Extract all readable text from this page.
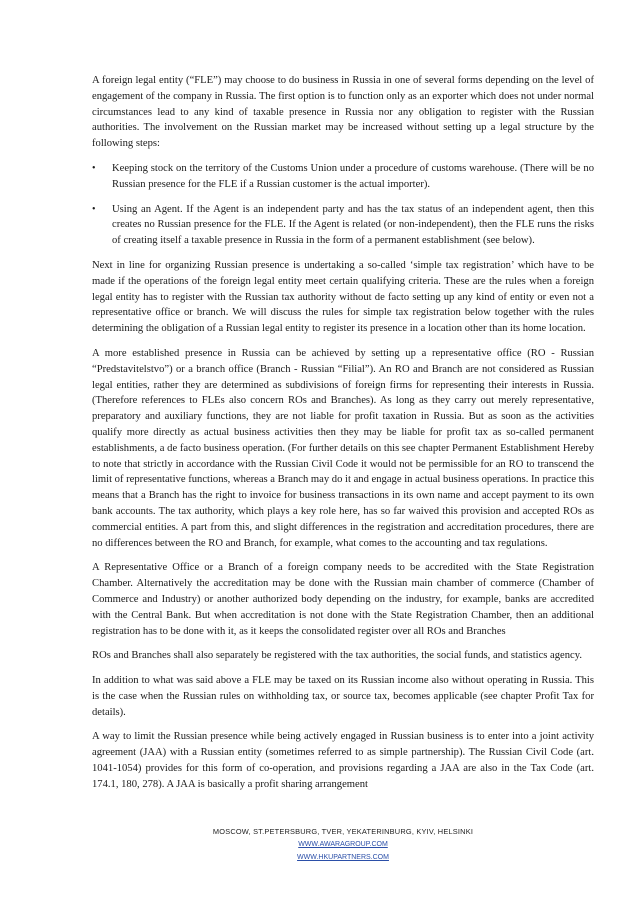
A foreign legal entity (“FLE”) may choose to do business in Russia in one of several forms depending on the level of engagement of the company in Russia. The first option is to function only as an exporter which does not under normal circumstances lead to any kind of taxable presence in Russia nor any obligation to register with the Russian authorities. The involvement on the Russian market may be increased without setting up a legal structure by the following steps:

• Keeping stock on the territory of the Customs Union under a procedure of customs warehouse. (There will be no Russian presence for the FLE if a Russian customer is the actual importer).
• Using an Agent. If the Agent is an independent party and has the tax status of an independent agent, then this creates no Russian presence for the FLE. If the Agent is related (or non-independent), then the FLE runs the risks of creating itself a taxable presence in Russia in the form of a permanent establishment (see below).

Next in line for organizing Russian presence is undertaking a so-called ‘simple tax registration’ which have to be made if the operations of the foreign legal entity meet certain qualifying criteria. These are the rules when a foreign legal entity has to register with the Russian tax authority without de facto setting up any kind of entity or even not a representative office or branch. We will discuss the rules for simple tax registration below together with the rules determining the obligation of a Russian legal entity to register its presence in a location other than its home location.

A more established presence in Russia can be achieved by setting up a representative office (RO - Russian “Predstavitelstvo”) or a branch office (Branch - Russian “Filial”). An RO and Branch are not considered as Russian legal entities, rather they are determined as subdivisions of foreign firms for representing their interests in Russia. (Therefore references to FLEs also concern ROs and Branches). As long as they carry out merely representative, preparatory and auxiliary functions, they are not liable for profit taxation in Russia. But as soon as the activities qualify more directly as actual business activities then they may be liable for profit tax as so-called permanent establishments, a de facto business operation. (For further details on this see chapter Permanent Establishment Hereby to note that strictly in accordance with the Russian Civil Code it would not be permissible for an RO to transcend the limit of representative functions, whereas a Branch may do it and engage in actual business operations. In practice this means that a Branch has the right to invoice for business transactions in its own name and accept payment to its own bank accounts. The tax authority, which plays a key role here, has so far waived this provision and accepted ROs as commercial entities. A part from this, and slight differences in the registration and accreditation procedures, there are no differences between the RO and Branch, for example, what comes to the accounting and tax regulations.

A Representative Office or a Branch of a foreign company needs to be accredited with the State Registration Chamber. Alternatively the accreditation may be done with the Russian main chamber of commerce (Chamber of Commerce and Industry) or another authorized body depending on the industry, for example, banks are accredited with the Central Bank. But when accreditation is not done with the State Registration Chamber, then an additional registration has to be done with it, as it keeps the consolidated register over all ROs and Branches

ROs and Branches shall also separately be registered with the tax authorities, the social funds, and statistics agency.

In addition to what was said above a FLE may be taxed on its Russian income also without operating in Russia. This is the case when the Russian rules on withholding tax, or source tax, becomes applicable (see chapter Profit Tax for details).

A way to limit the Russian presence while being actively engaged in Russian business is to enter into a joint activity agreement (JAA) with a Russian entity (sometimes referred to as simple partnership). The Russian Civil Code (art. 1041-1054) provides for this form of co-operation, and provisions regarding a JAA are also in the Tax Code (art. 174.1, 180, 278). A JAA is basically a profit sharing arrangement

MOSCOW, ST.PETERSBURG, TVER, YEKATERINBURG, KYIV, HELSINKI
WWW.AWARAGROUP.COM
WWW.HKUPARTNERS.COM
